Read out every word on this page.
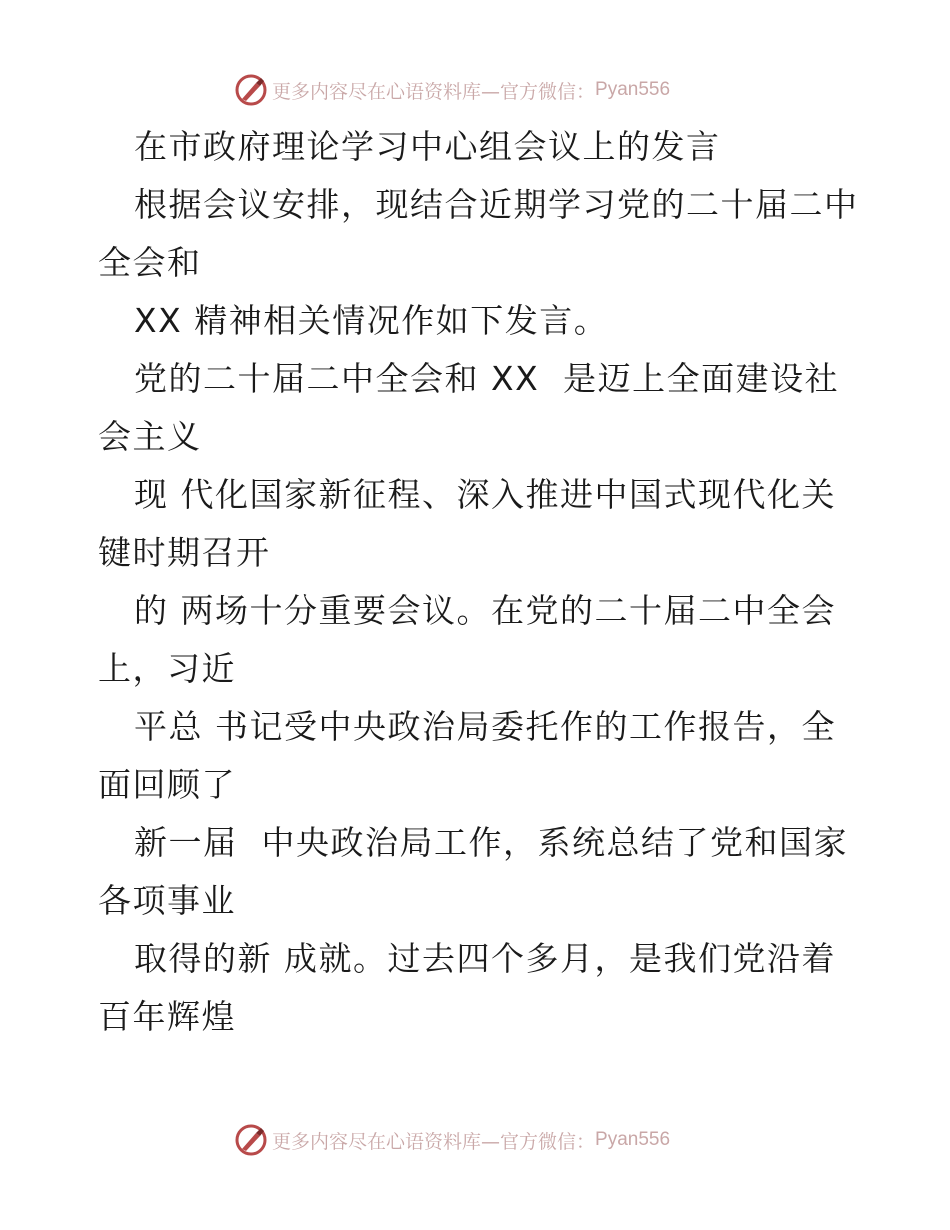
更多内容尽在心语资料库—官方微信： Pyan556
在市政府理论学习中心组会议上的发言
根据会议安排，现结合近期学习党的二十届二中
全会和
XX 精神相关情况作如下发言。
党的二十届二中全会和 XX  是迈上全面建设社
会主义
现 代化国家新征程、深入推进中国式现代化关
键时期召开
的 两场十分重要会议。在党的二十届二中全会
上，习近
平总 书记受中央政治局委托作的工作报告，全
面回顾了
新一届  中央政治局工作，系统总结了党和国家
各项事业
取得的新 成就。过去四个多月，是我们党沿着
百年辉煌
更多内容尽在心语资料库—官方微信： Pyan556
